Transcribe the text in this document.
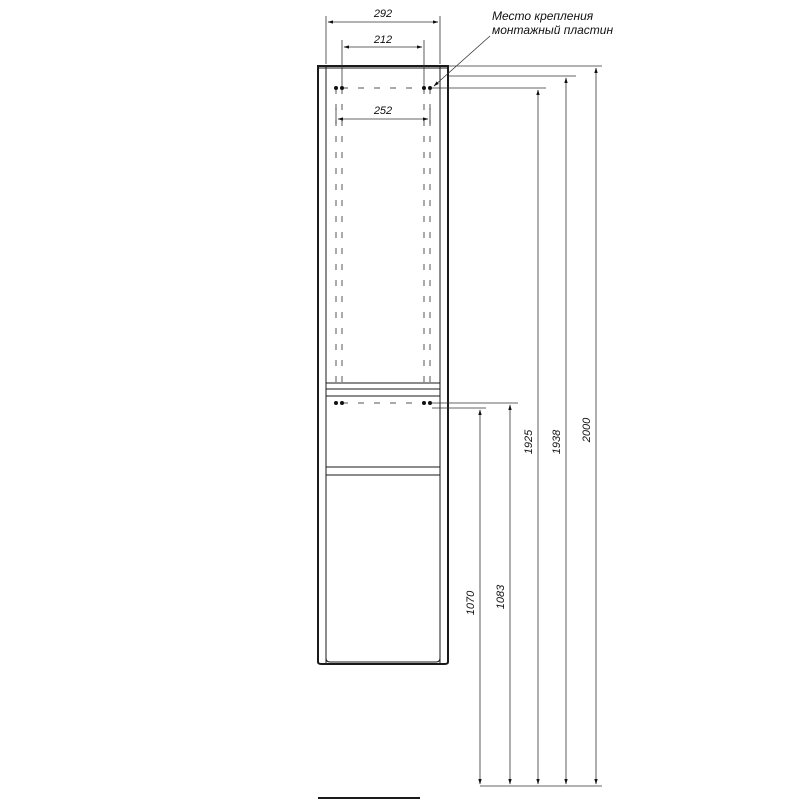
292
212
252
Место крепления
монтажный пластин
1070 1083
1925 1938 2000
